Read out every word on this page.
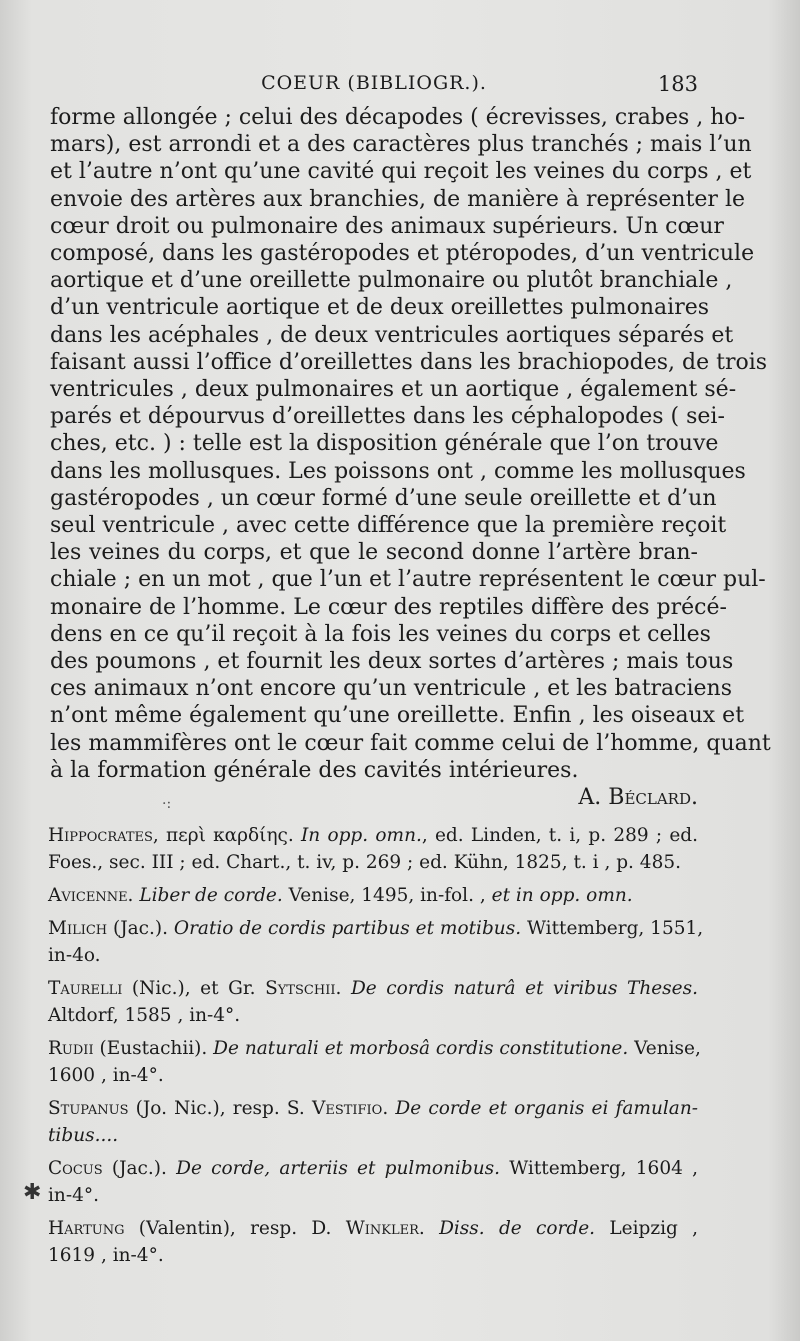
COEUR (BIBLIOGR.).	183
forme allongée ; celui des décapodes ( écrevisses, crabes , ho-
mars), est arrondi et a des caractères plus tranchés ; mais l’un
et l’autre n’ont qu’une cavité qui reçoit les veines du corps , et
envoie des artères aux branchies, de manière à représenter le
cœur droit ou pulmonaire des animaux supérieurs. Un cœur
composé, dans les gastéropodes et ptéropodes, d’un ventricule
aortique et d’une oreillette pulmonaire ou plutôt branchiale ,
d’un ventricule aortique et de deux oreillettes pulmonaires
dans les acéphales , de deux ventricules aortiques séparés et
faisant aussi l’office d’oreillettes dans les brachiopodes, de trois
ventricules , deux pulmonaires et un aortique , également sé-
parés et dépourvus d’oreillettes dans les céphalopodes ( sei-
ches, etc. ) : telle est la disposition générale que l’on trouve
dans les mollusques. Les poissons ont , comme les mollusques
gastéropodes , un cœur formé d’une seule oreillette et d’un
seul ventricule , avec cette différence que la première reçoit
les veines du corps, et que le second donne l’artère bran-
chiale ; en un mot , que l’un et l’autre représentent le cœur pul-
monaire de l’homme. Le cœur des reptiles diffère des précé-
dens en ce qu’il reçoit à la fois les veines du corps et celles
des poumons , et fournit les deux sortes d’artères ; mais tous
ces animaux n’ont encore qu’un ventricule , et les batraciens
n’ont même également qu’une oreillette. Enfin , les oiseaux et
les mammifères ont le cœur fait comme celui de l’homme, quant
à la formation générale des cavités intérieures.
A. Béclard.
·:
Hippocrates, περὶ καρδίης. In opp. omn., ed. Linden, t. i, p. 289 ; ed.
Foes., sec. III ; ed. Chart., t. iv, p. 269 ; ed. Kühn, 1825, t. i , p. 485.
Avicenne. Liber de corde. Venise, 1495, in-fol. , et in opp. omn.
Milich (Jac.). Oratio de cordis partibus et motibus. Wittemberg, 1551,
in-4o.
Taurelli (Nic.), et Gr. Sytschii. De cordis naturâ et viribus Theses.
Altdorf, 1585 , in-4°.
Rudii (Eustachii). De naturali et morbosâ cordis constitutione. Venise,
1600 , in-4°.
Stupanus (Jo. Nic.), resp. S. Vestifio. De corde et organis ei famulan-
tibus....
Cocus (Jac.). De corde, arteriis et pulmonibus. Wittemberg, 1604 ,
in-4°.
Hartung (Valentin), resp. D. Winkler. Diss. de corde. Leipzig ,
1619 , in-4°.
✱
